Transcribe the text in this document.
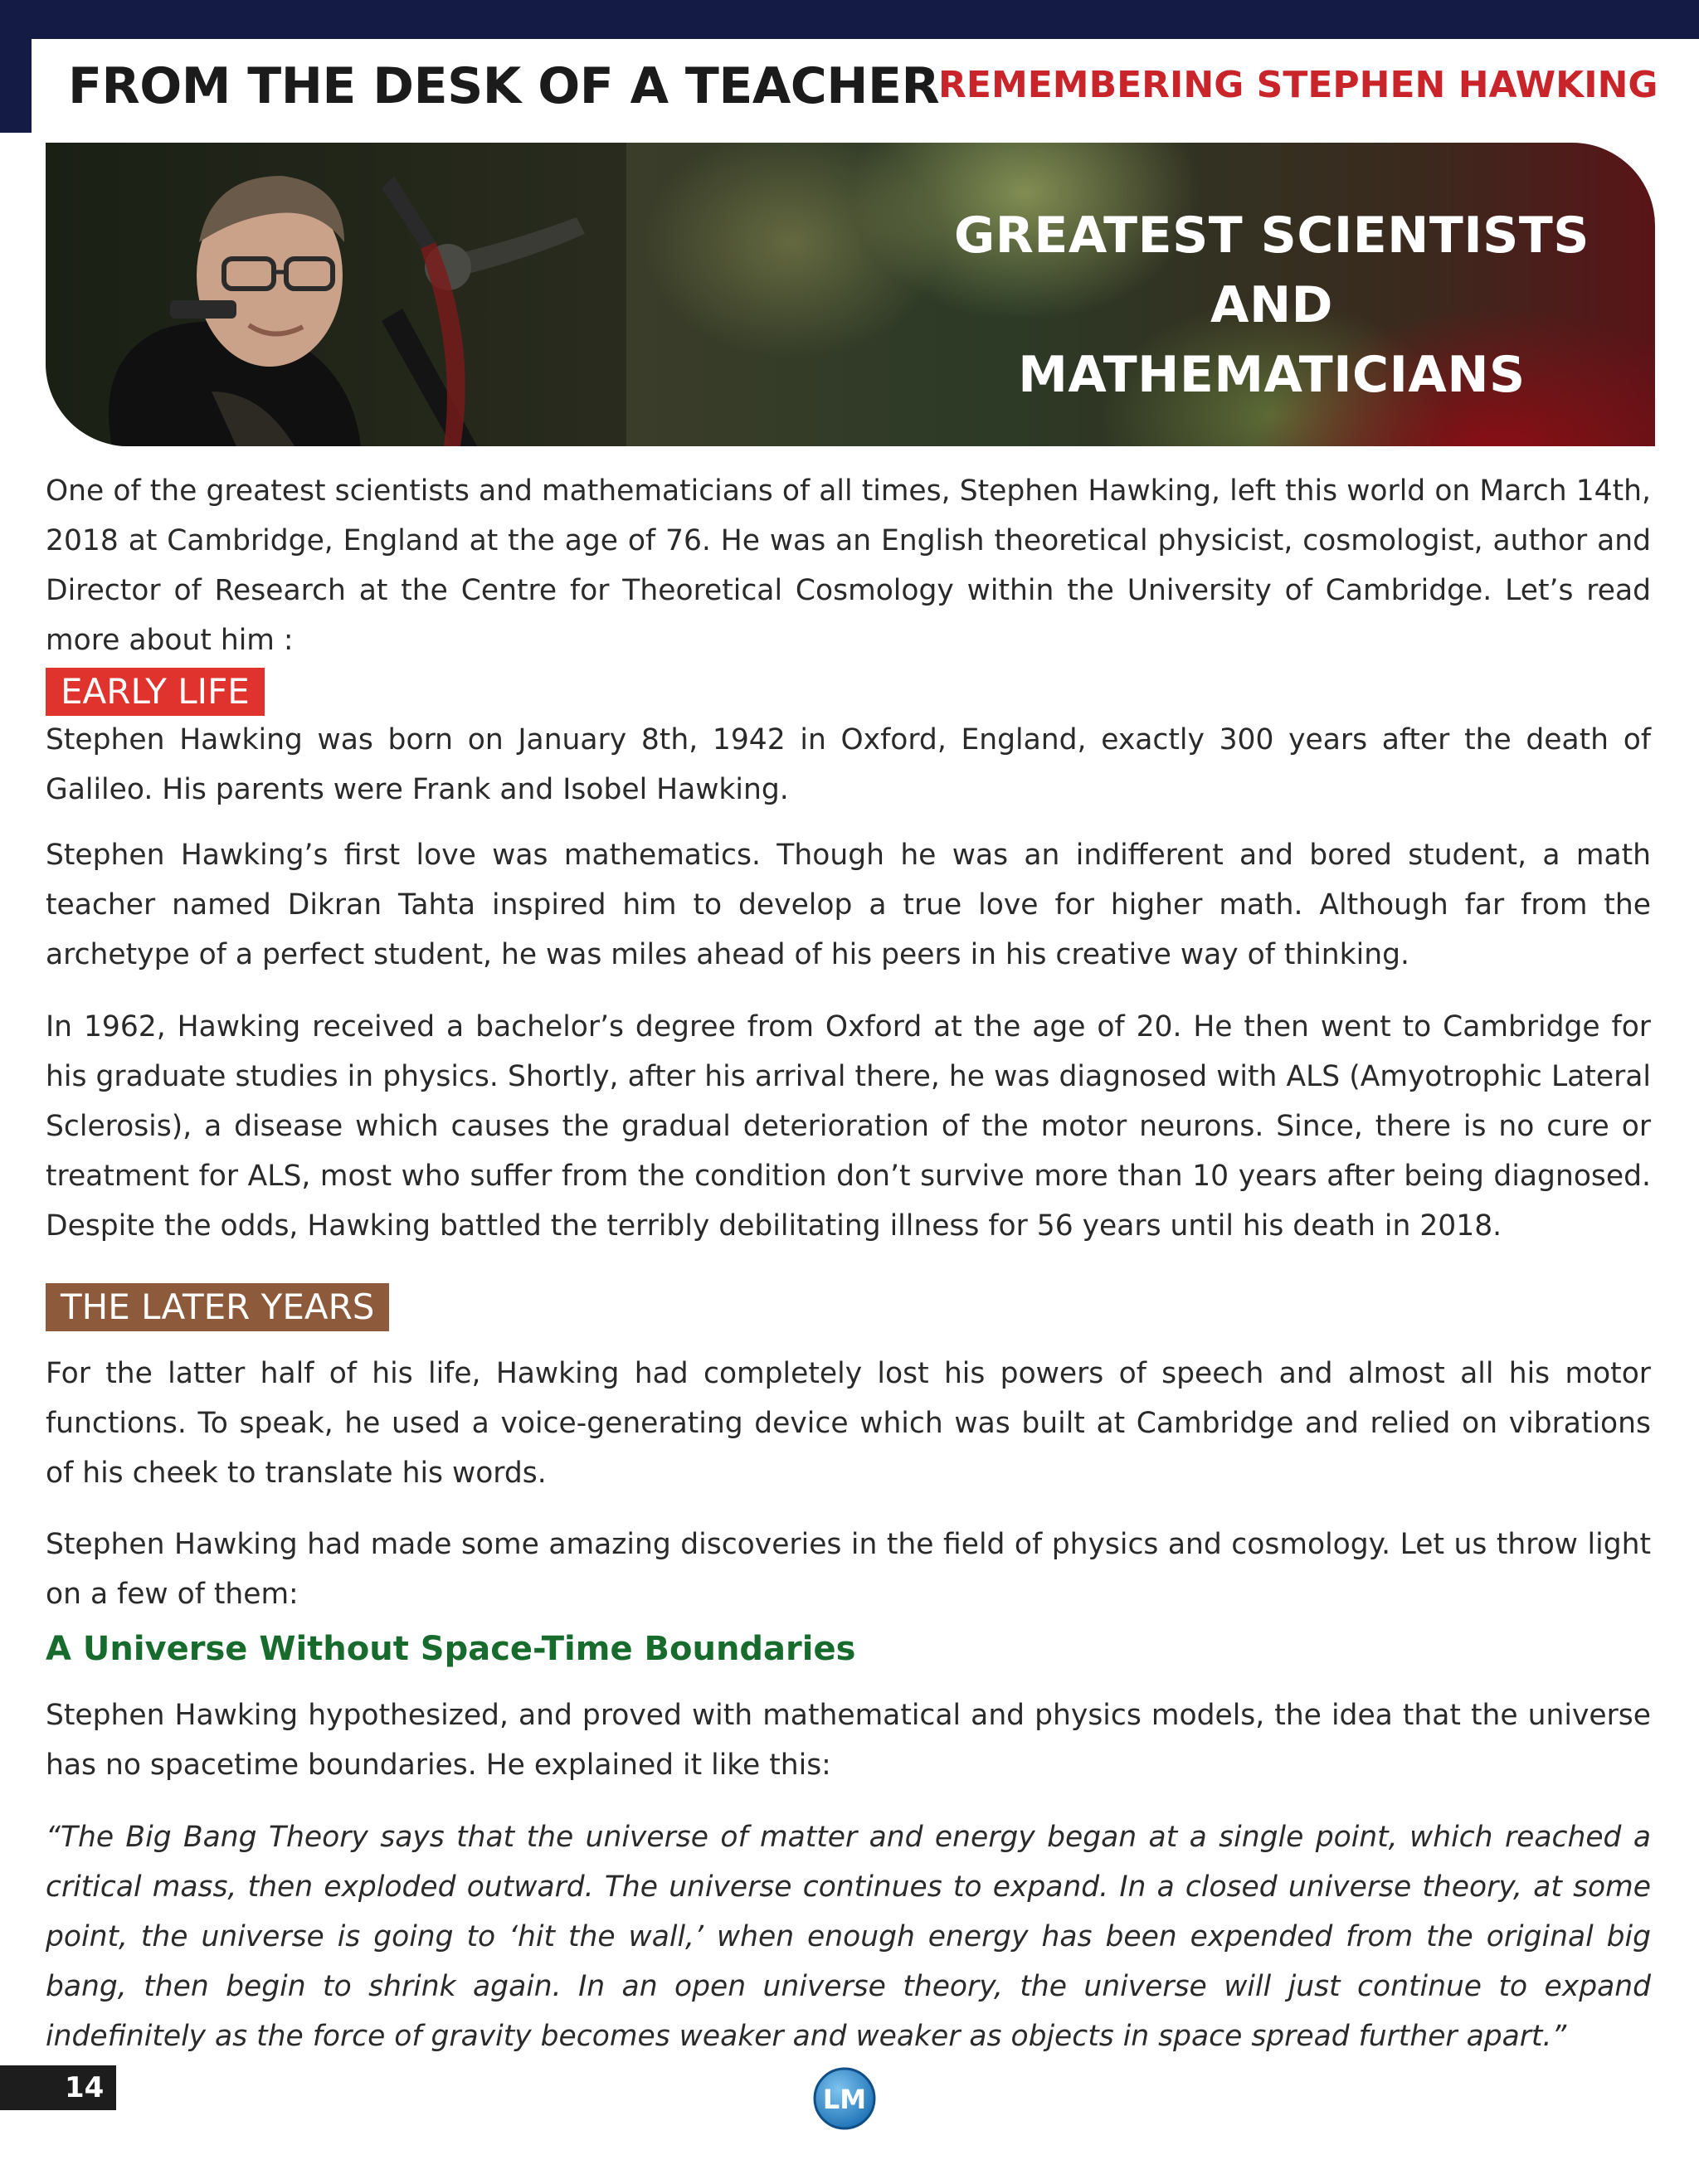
FROM THE DESK OF A TEACHER
REMEMBERING STEPHEN HAWKING
GREATEST SCIENTISTS
AND
MATHEMATICIANS

One of the greatest scientists and mathematicians of all times, Stephen Hawking, left this world on March 14th, 2018 at Cambridge, England at the age of 76. He was an English theoretical physicist, cosmologist, author and Director of Research at the Centre for Theoretical Cosmology within the University of Cambridge. Let’s read more about him :

EARLY LIFE

Stephen Hawking was born on January 8th, 1942 in Oxford, England, exactly 300 years after the death of Galileo. His parents were Frank and Isobel Hawking.

Stephen Hawking’s first love was mathematics. Though he was an indifferent and bored student, a math teacher named Dikran Tahta inspired him to develop a true love for higher math. Although far from the archetype of a perfect student, he was miles ahead of his peers in his creative way of thinking.

In 1962, Hawking received a bachelor’s degree from Oxford at the age of 20. He then went to Cambridge for his graduate studies in physics. Shortly, after his arrival there, he was diagnosed with ALS (Amyotrophic Lateral Sclerosis), a disease which causes the gradual deterioration of the motor neurons. Since, there is no cure or treatment for ALS, most who suffer from the condition don’t survive more than 10 years after being diagnosed. Despite the odds, Hawking battled the terribly debilitating illness for 56 years until his death in 2018.

THE LATER YEARS

For the latter half of his life, Hawking had completely lost his powers of speech and almost all his motor functions. To speak, he used a voice-generating device which was built at Cambridge and relied on vibrations of his cheek to translate his words.

Stephen Hawking had made some amazing discoveries in the field of physics and cosmology. Let us throw light on a few of them:

A Universe Without Space-Time Boundaries

Stephen Hawking hypothesized, and proved with mathematical and physics models, the idea that the universe has no spacetime boundaries. He explained it like this:

“The Big Bang Theory says that the universe of matter and energy began at a single point, which reached a critical mass, then exploded outward. The universe continues to expand. In a closed universe theory, at some point, the universe is going to ‘hit the wall,’ when enough energy has been expended from the original big bang, then begin to shrink again. In an open universe theory, the universe will just continue to expand indefinitely as the force of gravity becomes weaker and weaker as objects in space spread further apart.”

14	LM
